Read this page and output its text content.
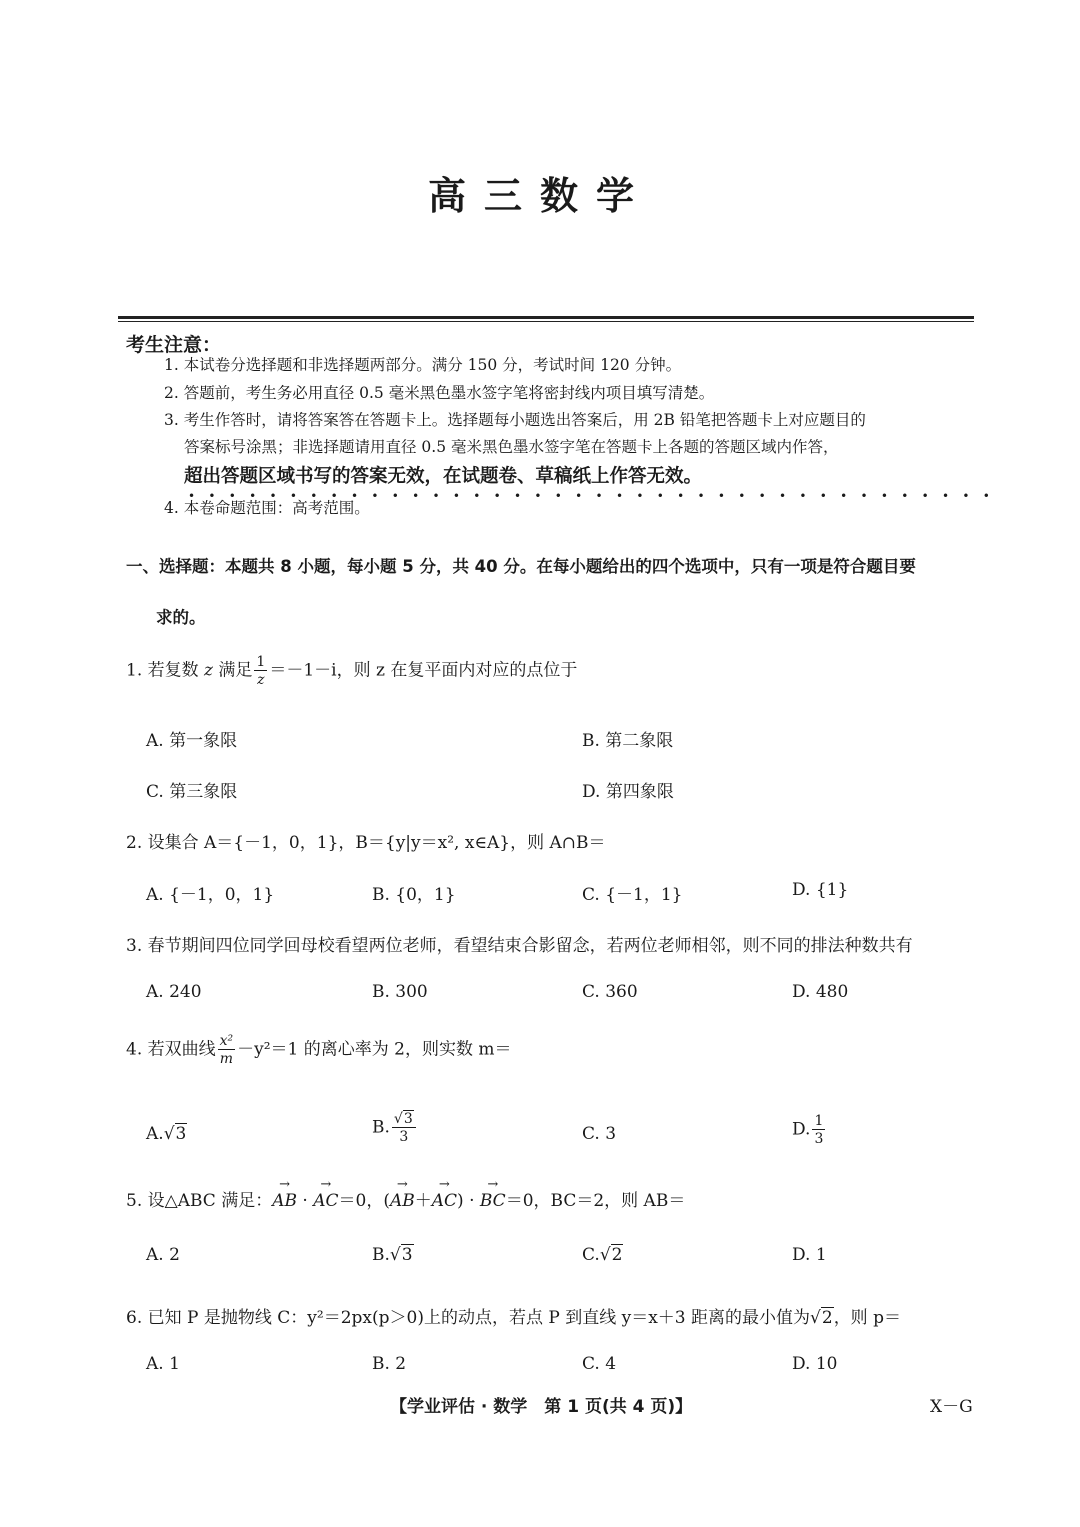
高三数学
考生注意：
1. 本试卷分选择题和非选择题两部分。满分 150 分，考试时间 120 分钟。
2. 答题前，考生务必用直径 0.5 毫米黑色墨水签字笔将密封线内项目填写清楚。
3. 考生作答时，请将答案答在答题卡上。选择题每小题选出答案后，用 2B 铅笔把答题卡上对应题目的
答案标号涂黑；非选择题请用直径 0.5 毫米黑色墨水签字笔在答题卡上各题的答题区域内作答，
超出答题区域书写的答案无效，在试题卷、草稿纸上作答无效。
••••••••••••••••••••••••••••••••••••••••
4. 本卷命题范围：高考范围。
一、选择题：本题共 8 小题，每小题 5 分，共 40 分。在每小题给出的四个选项中，只有一项是符合题目要
求的。
1. 若复数 z 满足 $\frac{1}{z} =-1-i$，则 z 在复平面内对应的点位于
A. 第一象限	B. 第二象限
C. 第三象限	D. 第四象限
2. 设集合 A＝{－1，0，1}，B＝{y|y＝x², x∈A}，则 A∩B＝
A. {－1，0，1}	B. {0，1}	C. {－1，1}	D. {1}
3. 春节期间四位同学回母校看望两位老师，看望结束合影留念，若两位老师相邻，则不同的排法种数共有
A. 240	B. 300	C. 360	D. 480
4. 若双曲线 $\frac{\text{x²}}{m} -y^2=1$ 的离心率为 2，则实数 m＝
A.√3	B. $\frac{√3}{3}$	C. 3	D. $\frac{1}{3}$
5. 设△ABC 满足：→ AB · → AC＝0，(→ AB＋→ AC) · → BC＝0，BC＝2，则 AB＝
A. 2	B.√3	C.√2	D. 1
6. 已知 P 是抛物线 C：y²＝2px(p＞0)上的动点，若点 P 到直线 y＝x＋3 距离的最小值为√2，则 p＝
A. 1	B. 2	C. 4	D. 10
【学业评估 · 数学　第 1 页(共 4 页)】	X－G
